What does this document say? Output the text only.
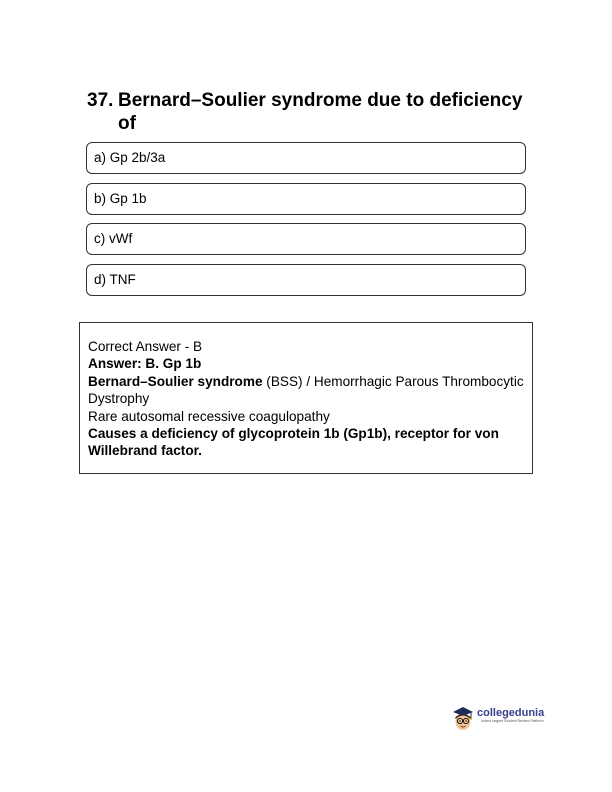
37. Bernard–Soulier syndrome due to deficiency of
a) Gp 2b/3a
b) Gp 1b
c) vWf
d) TNF
Correct Answer - B
Answer: B. Gp 1b
Bernard–Soulier syndrome (BSS) / Hemorrhagic Parous Thrombocytic Dystrophy
Rare autosomal recessive coagulopathy
Causes a deficiency of glycoprotein 1b (Gp1b), receptor for von Willebrand factor.
collegedunia
India's largest Student Review Platform
